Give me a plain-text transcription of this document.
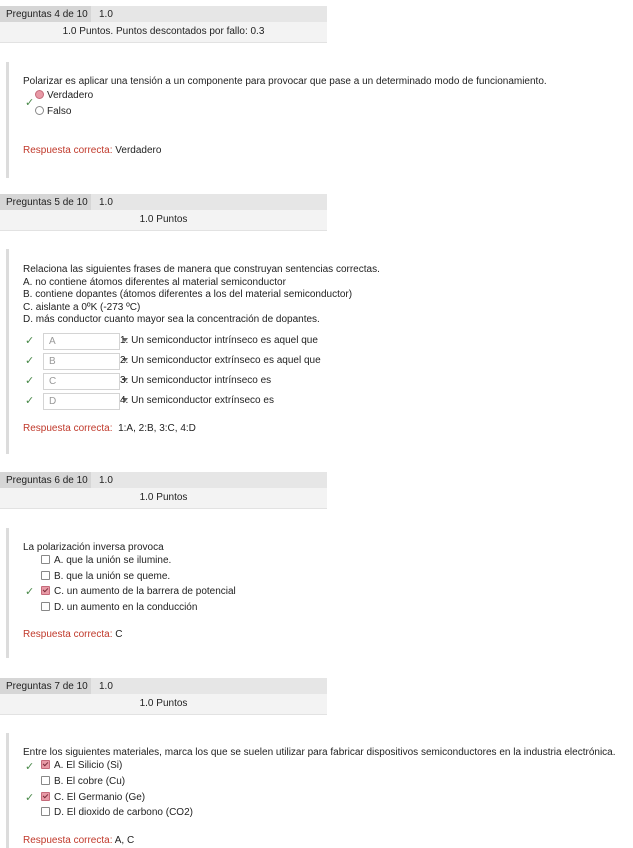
Preguntas 4 de 10 1.0
1.0 Puntos. Puntos descontados por fallo: 0.3
Polarizar es aplicar una tensión a un componente para provocar que pase a un determinado modo de funcionamiento.
✓
Verdadero
Falso
Respuesta correcta: Verdadero
Preguntas 5 de 10 1.0
1.0 Puntos
Relaciona las siguientes frases de manera que construyan sentencias correctas.
A. no contiene átomos diferentes al material semiconductor
B. contiene dopantes (átomos diferentes a los del material semiconductor)
C. aislante a 0ºK (-273 ºC)
D. más conductor cuanto mayor sea la concentración de dopantes.
✓ A	1. Un semiconductor intrínseco es aquel que
✓ B	2. Un semiconductor extrínseco es aquel que
✓ C	3. Un semiconductor intrínseco es
✓ D	4. Un semiconductor extrínseco es
Respuesta correcta:  1:A, 2:B, 3:C, 4:D
Preguntas 6 de 10 1.0
1.0 Puntos
La polarización inversa provoca
A. que la unión se ilumine.
B. que la unión se queme.
✓	C. un aumento de la barrera de potencial
D. un aumento en la conducción
Respuesta correcta: C
Preguntas 7 de 10 1.0
1.0 Puntos
Entre los siguientes materiales, marca los que se suelen utilizar para fabricar dispositivos semiconductores en la industria electrónica.
✓	A. El Silicio (Si)
B. El cobre (Cu)
✓	C. El Germanio (Ge)
D. El dioxido de carbono (CO2)
Respuesta correcta: A, C
